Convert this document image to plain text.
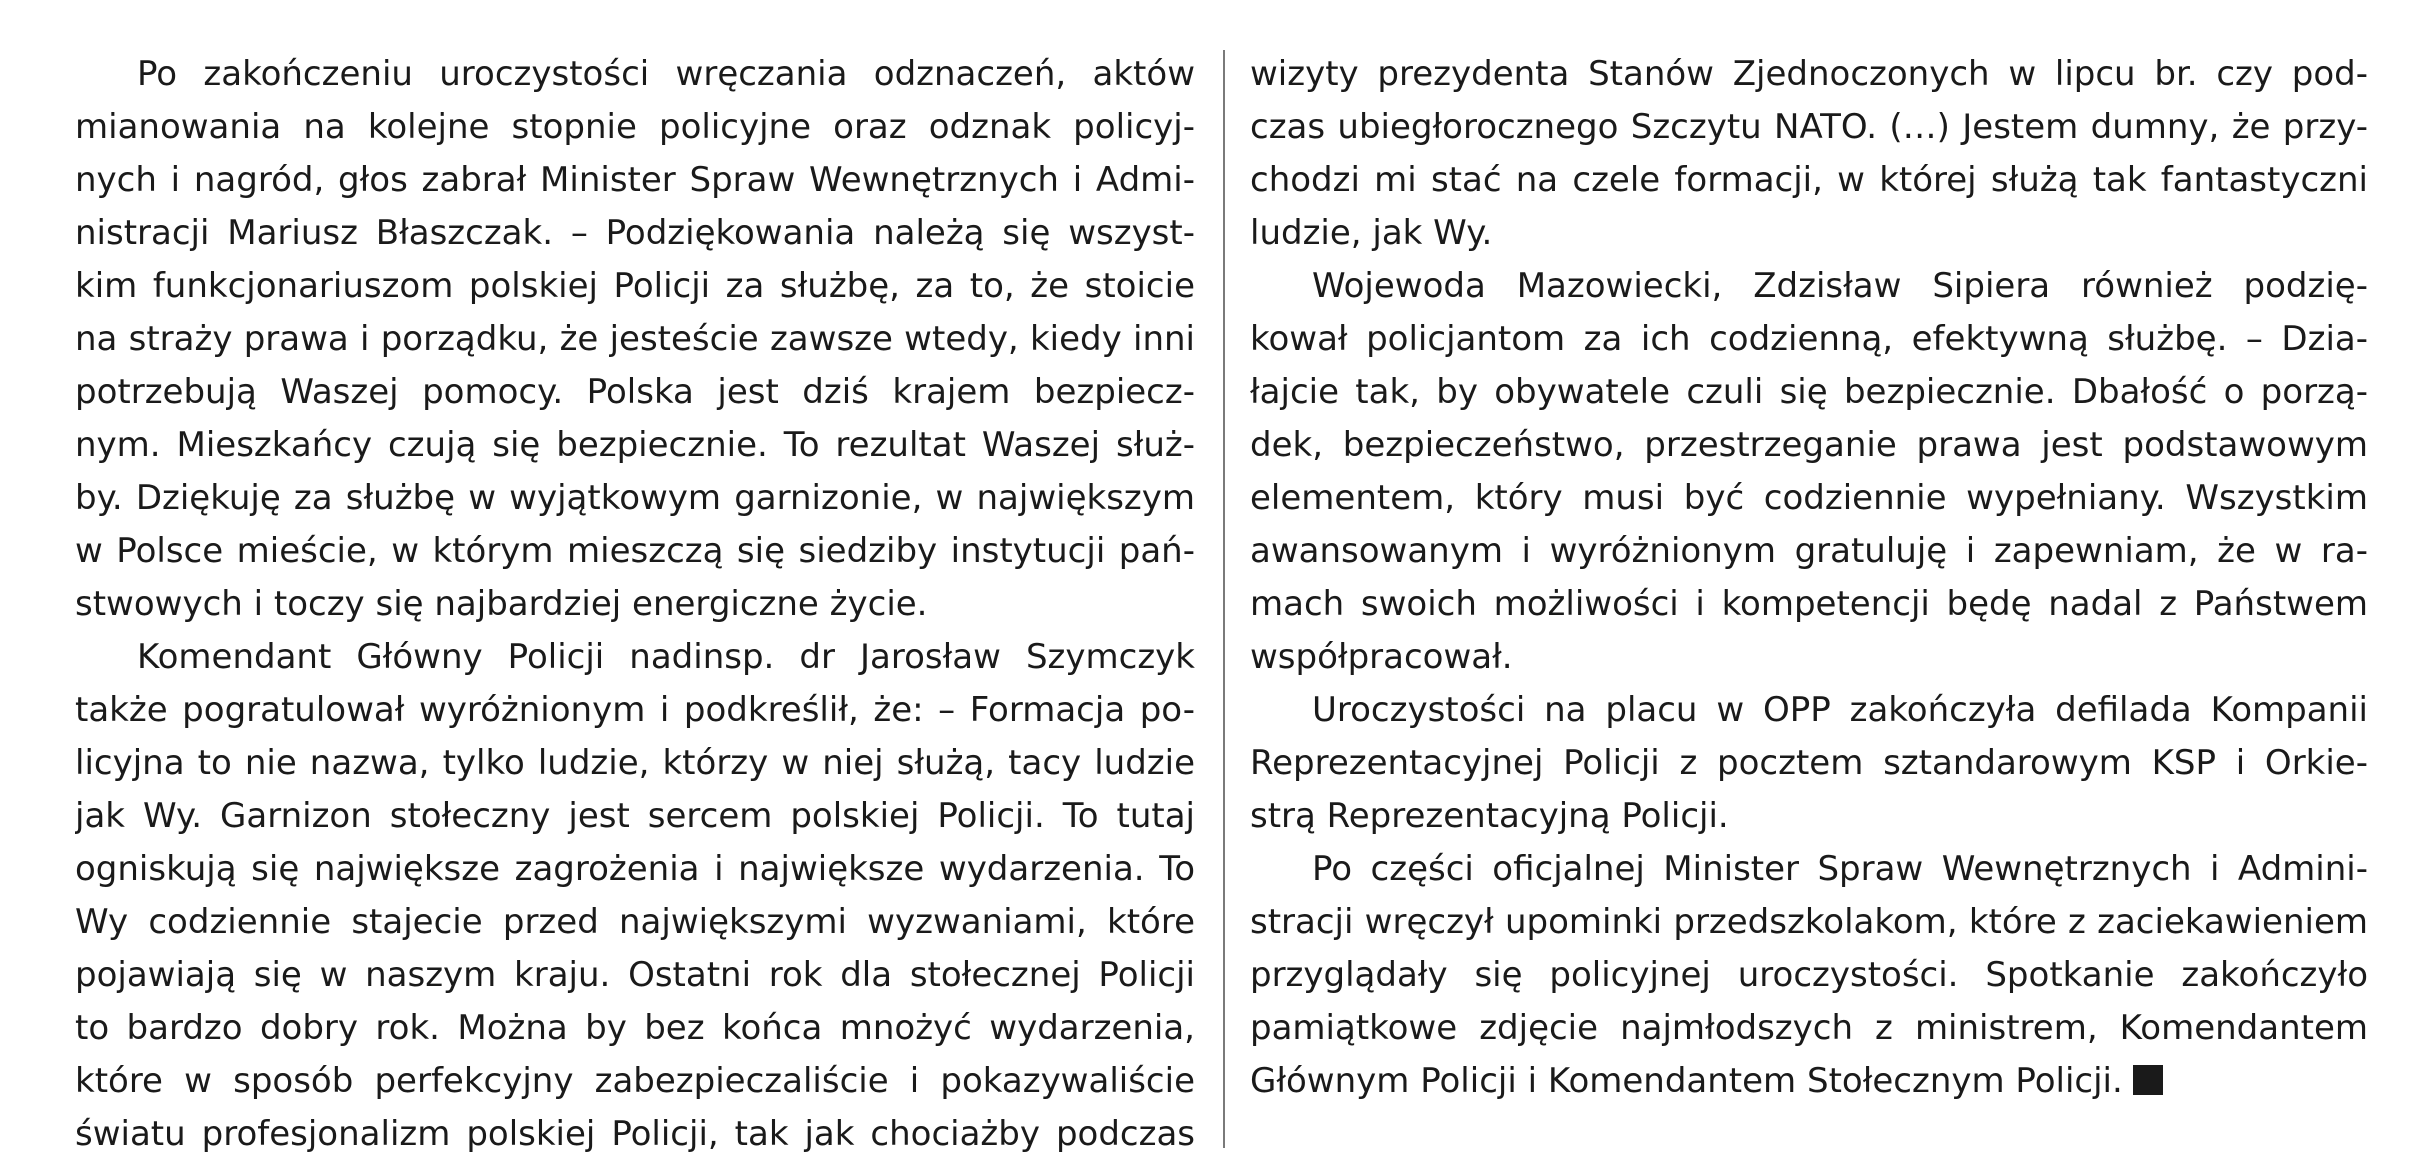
Po zakończeniu uroczystości wręczania odznaczeń, aktów
mianowania na kolejne stopnie policyjne oraz odznak policyj-
nych i nagród, głos zabrał Minister Spraw Wewnętrznych i Admi-
nistracji Mariusz Błaszczak. – Podziękowania należą się wszyst-
kim funkcjonariuszom polskiej Policji za służbę, za to, że stoicie
na straży prawa i porządku, że jesteście zawsze wtedy, kiedy inni
potrzebują Waszej pomocy. Polska jest dziś krajem bezpiecz-
nym. Mieszkańcy czują się bezpiecznie. To rezultat Waszej służ-
by. Dziękuję za służbę w wyjątkowym garnizonie, w największym
w Polsce mieście, w którym mieszczą się siedziby instytucji pań-
stwowych i toczy się najbardziej energiczne życie.
Komendant Główny Policji nadinsp. dr Jarosław Szymczyk
także pogratulował wyróżnionym i podkreślił, że: – Formacja po-
licyjna to nie nazwa, tylko ludzie, którzy w niej służą, tacy ludzie
jak Wy. Garnizon stołeczny jest sercem polskiej Policji. To tutaj
ogniskują się największe zagrożenia i największe wydarzenia. To
Wy codziennie stajecie przed największymi wyzwaniami, które
pojawiają się w naszym kraju. Ostatni rok dla stołecznej Policji
to bardzo dobry rok. Można by bez końca mnożyć wydarzenia,
które w sposób perfekcyjny zabezpieczaliście i pokazywaliście
światu profesjonalizm polskiej Policji, tak jak chociażby podczas
wizyty prezydenta Stanów Zjednoczonych w lipcu br. czy pod-
czas ubiegłorocznego Szczytu NATO. (…) Jestem dumny, że przy-
chodzi mi stać na czele formacji, w której służą tak fantastyczni
ludzie, jak Wy.
Wojewoda Mazowiecki, Zdzisław Sipiera również podzię-
kował policjantom za ich codzienną, efektywną służbę. – Dzia-
łajcie tak, by obywatele czuli się bezpiecznie. Dbałość o porzą-
dek, bezpieczeństwo, przestrzeganie prawa jest podstawowym
elementem, który musi być codziennie wypełniany. Wszystkim
awansowanym i wyróżnionym gratuluję i zapewniam, że w ra-
mach swoich możliwości i kompetencji będę nadal z Państwem
współpracował.
Uroczystości na placu w OPP zakończyła defilada Kompanii
Reprezentacyjnej Policji z pocztem sztandarowym KSP i Orkie-
strą Reprezentacyjną Policji.
Po części oficjalnej Minister Spraw Wewnętrznych i Admini-
stracji wręczył upominki przedszkolakom, które z zaciekawieniem
przyglądały się policyjnej uroczystości. Spotkanie zakończyło
pamiątkowe zdjęcie najmłodszych z ministrem, Komendantem
Głównym Policji i Komendantem Stołecznym Policji.
